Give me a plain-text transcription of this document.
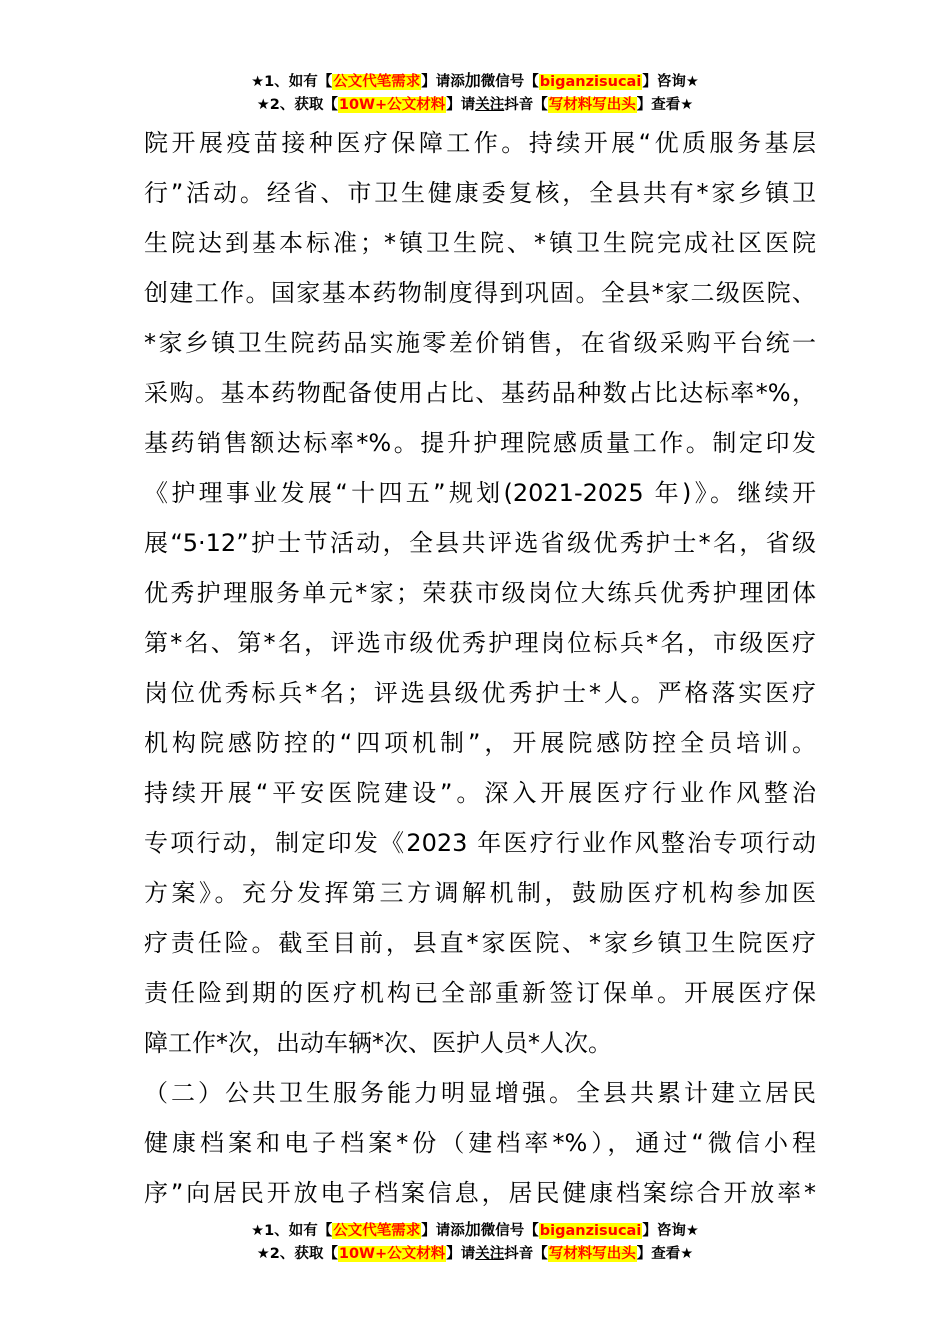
★1、如有【公文代笔需求】请添加微信号【biganzisucai】咨询★
★2、获取【10W+公文材料】请关注抖音【写材料写出头】查看★
院开展疫苗接种医疗保障工作。持续开展“优质服务基层
行”活动。经省、市卫生健康委复核，全县共有*家乡镇卫
生院达到基本标准；*镇卫生院、*镇卫生院完成社区医院
创建工作。国家基本药物制度得到巩固。全县*家二级医院、
*家乡镇卫生院药品实施零差价销售，在省级采购平台统一
采购。基本药物配备使用占比、基药品种数占比达标率*%，
基药销售额达标率*%。提升护理院感质量工作。制定印发
《护理事业发展“十四五”规划(2021-2025 年)》。继续开
展“5·12”护士节活动，全县共评选省级优秀护士*名，省级
优秀护理服务单元*家；荣获市级岗位大练兵优秀护理团体
第*名、第*名，评选市级优秀护理岗位标兵*名，市级医疗
岗位优秀标兵*名；评选县级优秀护士*人。严格落实医疗
机构院感防控的“四项机制”，开展院感防控全员培训。
持续开展“平安医院建设”。深入开展医疗行业作风整治
专项行动，制定印发《2023 年医疗行业作风整治专项行动
方案》。充分发挥第三方调解机制，鼓励医疗机构参加医
疗责任险。截至目前，县直*家医院、*家乡镇卫生院医疗
责任险到期的医疗机构已全部重新签订保单。开展医疗保
障工作*次，出动车辆*次、医护人员*人次。
（二）公共卫生服务能力明显增强。全县共累计建立居民
健康档案和电子档案*份（建档率*%），通过“微信小程
序”向居民开放电子档案信息，居民健康档案综合开放率*
★1、如有【公文代笔需求】请添加微信号【biganzisucai】咨询★
★2、获取【10W+公文材料】请关注抖音【写材料写出头】查看★
